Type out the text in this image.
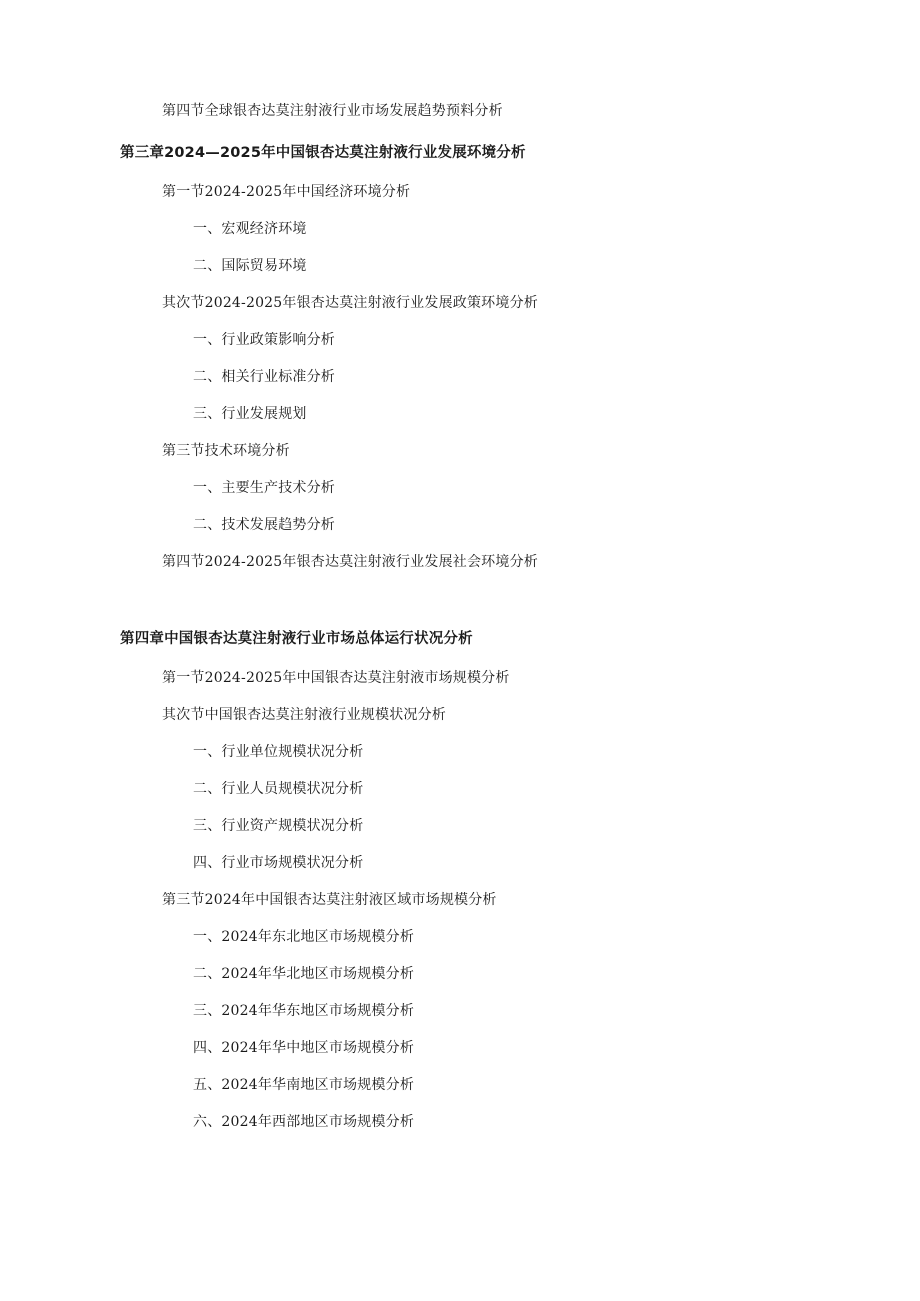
第四节全球银杏达莫注射液行业市场发展趋势预料分析
第三章2024—2025年中国银杏达莫注射液行业发展环境分析
第一节2024-2025年中国经济环境分析
一、宏观经济环境
二、国际贸易环境
其次节2024-2025年银杏达莫注射液行业发展政策环境分析
一、行业政策影响分析
二、相关行业标准分析
三、行业发展规划
第三节技术环境分析
一、主要生产技术分析
二、技术发展趋势分析
第四节2024-2025年银杏达莫注射液行业发展社会环境分析
第四章中国银杏达莫注射液行业市场总体运行状况分析
第一节2024-2025年中国银杏达莫注射液市场规模分析
其次节中国银杏达莫注射液行业规模状况分析
一、行业单位规模状况分析
二、行业人员规模状况分析
三、行业资产规模状况分析
四、行业市场规模状况分析
第三节2024年中国银杏达莫注射液区域市场规模分析
一、2024年东北地区市场规模分析
二、2024年华北地区市场规模分析
三、2024年华东地区市场规模分析
四、2024年华中地区市场规模分析
五、2024年华南地区市场规模分析
六、2024年西部地区市场规模分析
